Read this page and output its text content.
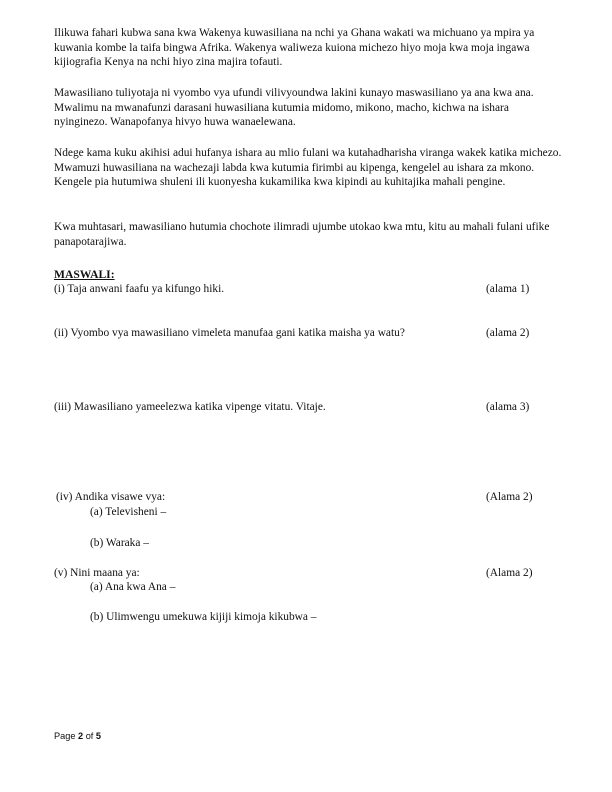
Ilikuwa fahari kubwa sana kwa Wakenya kuwasiliana na nchi ya Ghana wakati wa michuano ya mpira ya kuwania kombe la taifa bingwa Afrika. Wakenya waliweza kuiona michezo hiyo moja kwa moja ingawa kijiografia Kenya na nchi hiyo zina majira tofauti.

Mawasiliano tuliyotaja ni vyombo vya ufundi vilivyoundwa lakini kunayo maswasiliano ya ana kwa ana. Mwalimu na mwanafunzi darasani huwasiliana kutumia midomo, mikono, macho, kichwa na ishara nyinginezo. Wanapofanya hivyo huwa wanaelewana.

Ndege kama kuku akihisi adui hufanya ishara au mlio fulani wa kutahadharisha viranga wakek katika michezo. Mwamuzi huwasiliana na wachezaji labda kwa kutumia firimbi au kipenga, kengelel au ishara za mkono. Kengele pia hutumiwa shuleni ili kuonyesha kukamilika kwa kipindi au kuhitajika mahali pengine.

Kwa muhtasari, mawasiliano hutumia chochote ilimradi ujumbe utokao kwa mtu, kitu au mahali fulani ufike panapotarajiwa.

MASWALI:
(i) Taja anwani faafu ya kifungo hiki.	(alama 1)
(ii) Vyombo vya mawasiliano vimeleta manufaa gani katika maisha ya watu?	(alama 2)
(iii) Mawasiliano yameelezwa katika vipenge vitatu. Vitaje.	(alama 3)
(iv) Andika visawe vya:	(Alama 2)
(a) Televisheni –
(b) Waraka –
(v) Nini maana ya:	(Alama 2)
(a) Ana kwa Ana –
(b) Ulimwengu umekuwa kijiji kimoja kikubwa –
Page 2 of 5
